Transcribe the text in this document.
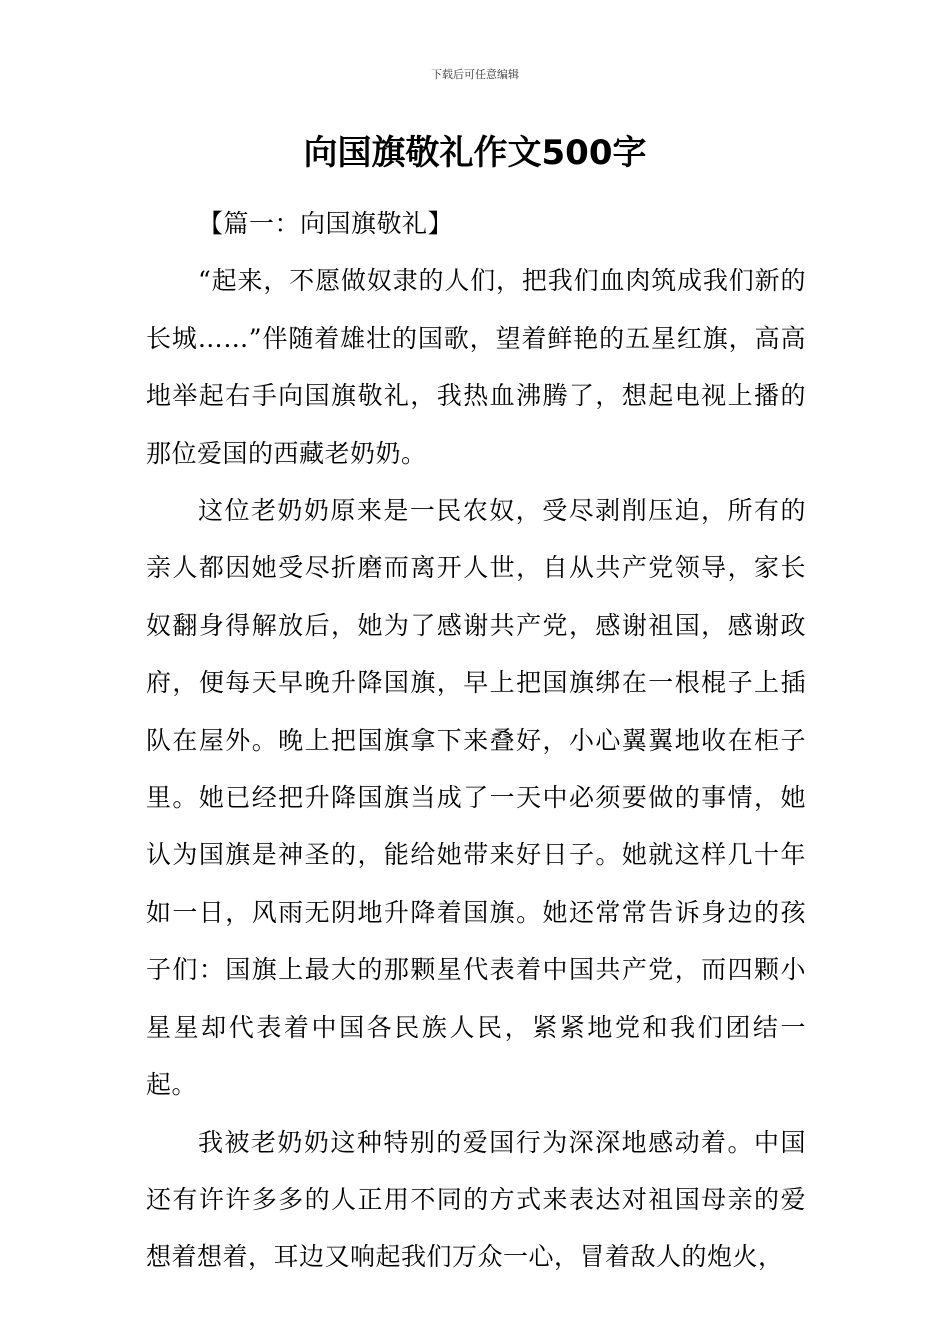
下载后可任意编辑
向国旗敬礼作文500字

【篇一：向国旗敬礼】

“起来，不愿做奴隶的人们，把我们血肉筑成我们新的长城……”伴随着雄壮的国歌，望着鲜艳的五星红旗，高高地举起右手向国旗敬礼，我热血沸腾了，想起电视上播的那位爱国的西藏老奶奶。

这位老奶奶原来是一民农奴，受尽剥削压迫，所有的亲人都因她受尽折磨而离开人世，自从共产党领导，家长奴翻身得解放后，她为了感谢共产党，感谢祖国，感谢政府，便每天早晚升降国旗，早上把国旗绑在一根棍子上插队在屋外。晚上把国旗拿下来叠好，小心翼翼地收在柜子里。她已经把升降国旗当成了一天中必须要做的事情，她认为国旗是神圣的，能给她带来好日子。她就这样几十年如一日，风雨无阴地升降着国旗。她还常常告诉身边的孩子们：国旗上最大的那颗星代表着中国共产党，而四颗小星星却代表着中国各民族人民，紧紧地党和我们团结一起。

我被老奶奶这种特别的爱国行为深深地感动着。中国还有许许多多的人正用不同的方式来表达对祖国母亲的爱想着想着，耳边又响起我们万众一心，冒着敌人的炮火，
